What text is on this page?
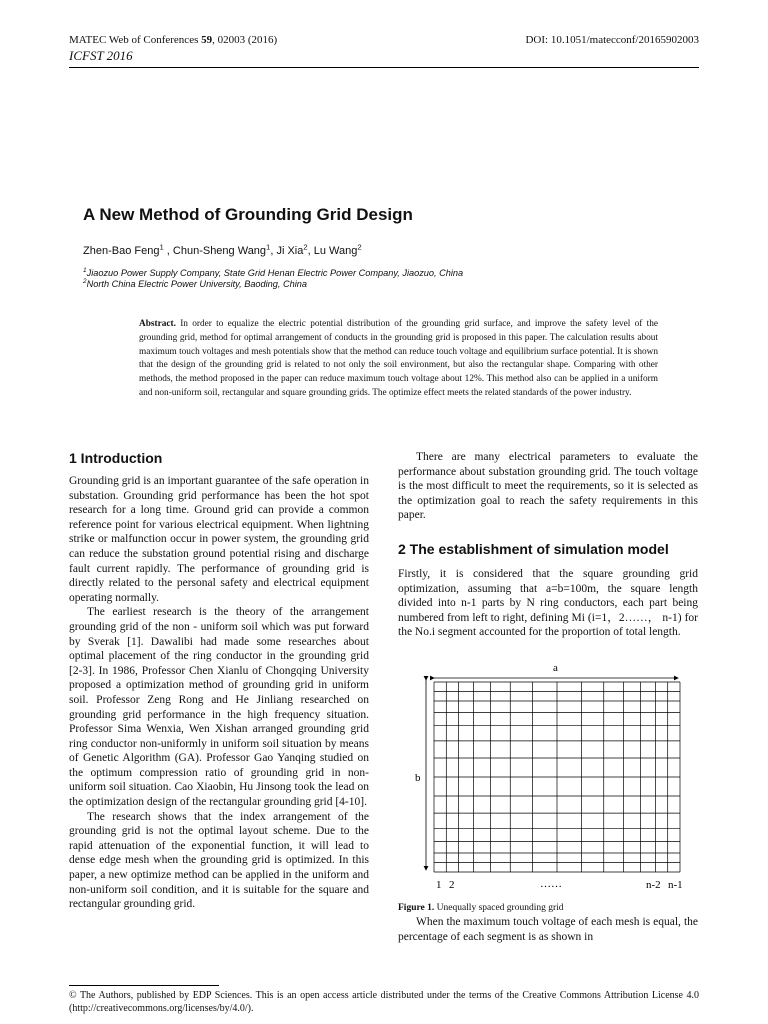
MATEC Web of Conferences 59, 02003 (2016)
ICFST 2016
DOI: 10.1051/matecconf/20165902003
A New Method of Grounding Grid Design
Zhen-Bao Feng$^1$ , Chun-Sheng Wang$^1$, Ji Xia$^2$, Lu Wang$^2$
$^1$Jiaozuo Power Supply Company, State Grid Henan Electric Power Company, Jiaozuo, China
$^2$North China Electric Power University, Baoding, China
Abstract. In order to equalize the electric potential distribution of the grounding grid surface, and improve the safety level of the grounding grid, method for optimal arrangement of conducts in the grounding grid is proposed in this paper. The calculation results about maximum touch voltages and mesh potentials show that the method can reduce touch voltage and equilibrium surface potential. It is shown that the design of the grounding grid is related to not only the soil environment, but also the rectangular shape. Comparing with other methods, the method proposed in the paper can reduce maximum touch voltage about 12%. This method also can be applied in a uniform and non-uniform soil, rectangular and square grounding grids. The optimize effect meets the related standards of the power industry.
1 Introduction

Grounding grid is an important guarantee of the safe operation in substation. Grounding grid performance has been the hot spot research for a long time. Ground grid can provide a common reference point for various electrical equipment. When lightning strike or malfunction occur in power system, the grounding grid can reduce the substation ground potential rising and discharge fault current rapidly. The performance of grounding grid is directly related to the personal safety and electrical equipment operating normally.

The earliest research is the theory of the arrangement grounding grid of the non - uniform soil which was put forward by Sverak [1]. Dawalibi had made some researches about optimal placement of the ring conductor in the grounding grid [2-3]. In 1986, Professor Chen Xianlu of Chongqing University proposed a optimization method of grounding grid in uniform soil. Professor Zeng Rong and He Jinliang researched on grounding grid performance in the high frequency situation. Professor Sima Wenxia, Wen Xishan arranged grounding grid ring conductor non-uniformly in uniform soil situation by means of Genetic Algorithm (GA). Professor Gao Yanqing studied on the optimum compression ratio of grounding grid in non-uniform soil situation. Cao Xiaobin, Hu Jinsong took the lead on the optimization design of the rectangular grounding grid [4-10].

The research shows that the index arrangement of the grounding grid is not the optimal layout scheme. Due to the rapid attenuation of the exponential function, it will lead to dense edge mesh when the grounding grid is optimized. In this paper, a new optimize method can be applied in the uniform and non-uniform soil condition, and it is suitable for the square and rectangular grounding grid.

There are many electrical parameters to evaluate the performance about substation grounding grid. The touch voltage is the most difficult to meet the requirements, so it is selected as the optimization goal to reach the safety requirements in this paper.

2 The establishment of simulation model

Firstly, it is considered that the square grounding grid optimization, assuming that a=b=100m, the square length divided into n-1 parts by N ring conductors, each part being numbered from left to right, defining Mi (i=1，2……， n-1) for the No.i segment accounted for the proportion of total length.

a
b
1 2	……	n-2 n-1
Figure 1. Unequally spaced grounding grid

When the maximum touch voltage of each mesh is equal, the percentage of each segment is as shown in

© The Authors, published by EDP Sciences. This is an open access article distributed under the terms of the Creative Commons Attribution License 4.0 (http://creativecommons.org/licenses/by/4.0/).
